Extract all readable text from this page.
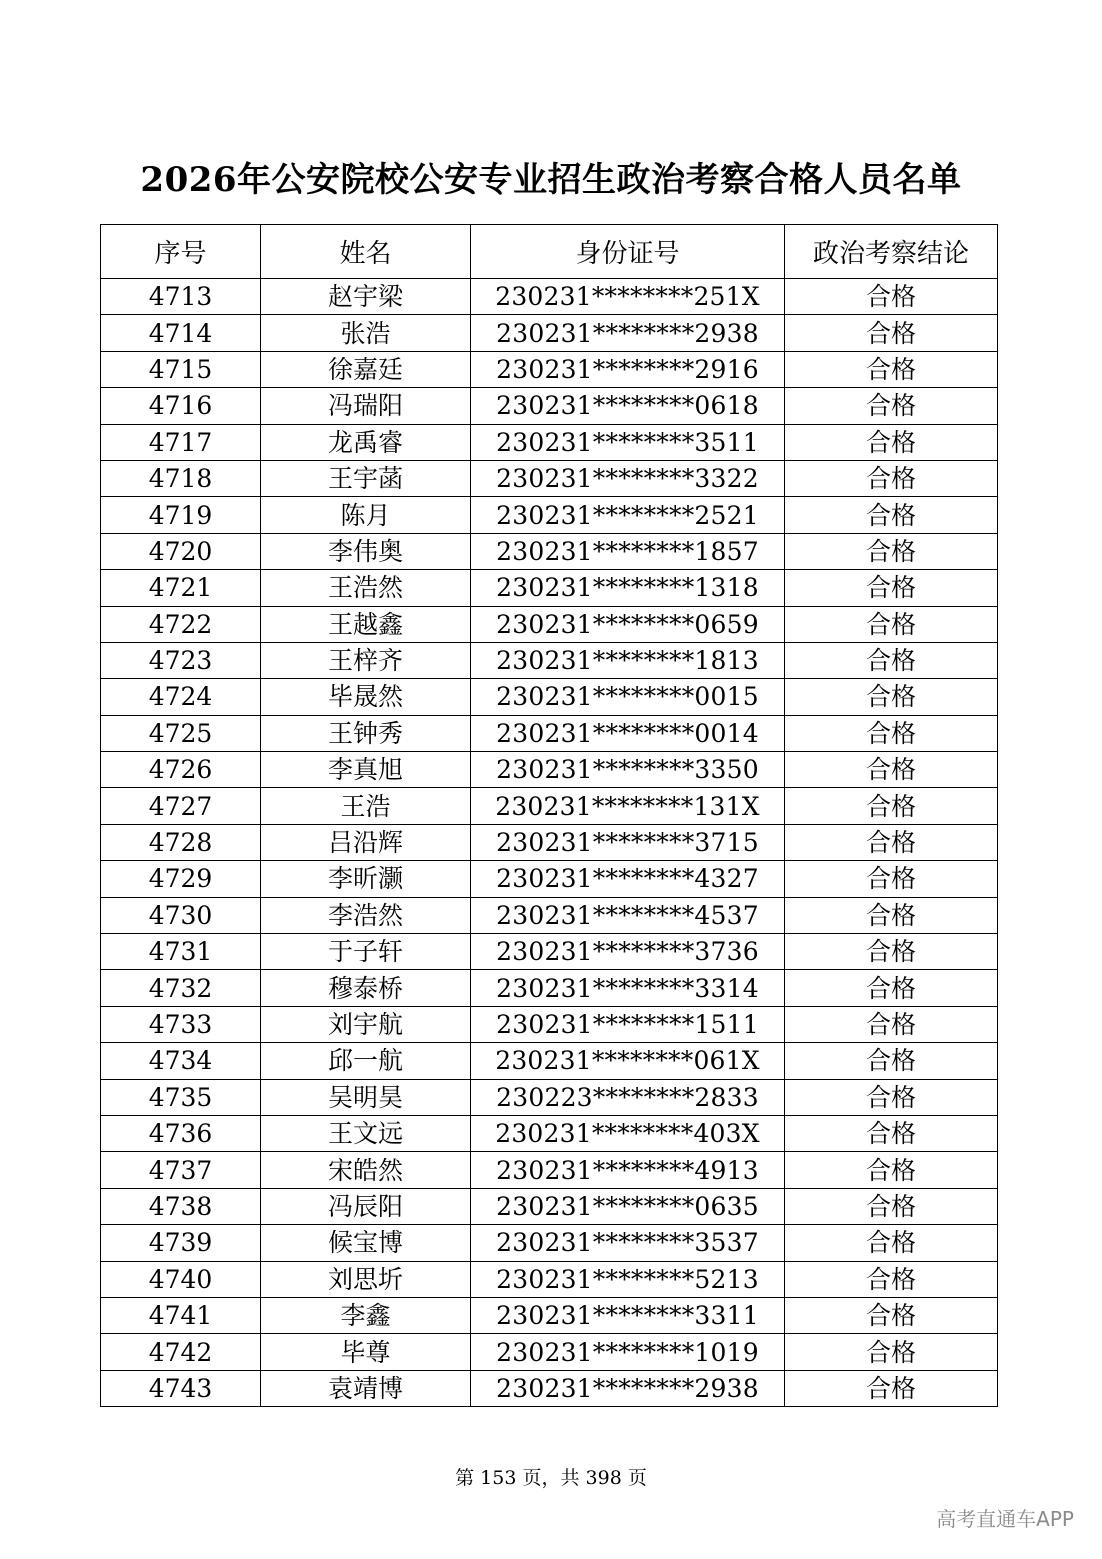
2026年公安院校公安专业招生政治考察合格人员名单
序号	姓名	身份证号	政治考察结论
4713	赵宇梁	230231********251X	合格
4714	张浩	230231********2938	合格
4715	徐嘉廷	230231********2916	合格
4716	冯瑞阳	230231********0618	合格
4717	龙禹睿	230231********3511	合格
4718	王宇菡	230231********3322	合格
4719	陈月	230231********2521	合格
4720	李伟奥	230231********1857	合格
4721	王浩然	230231********1318	合格
4722	王越鑫	230231********0659	合格
4723	王梓齐	230231********1813	合格
4724	毕晟然	230231********0015	合格
4725	王钟秀	230231********0014	合格
4726	李真旭	230231********3350	合格
4727	王浩	230231********131X	合格
4728	吕沿辉	230231********3715	合格
4729	李昕灏	230231********4327	合格
4730	李浩然	230231********4537	合格
4731	于子轩	230231********3736	合格
4732	穆泰桥	230231********3314	合格
4733	刘宇航	230231********1511	合格
4734	邱一航	230231********061X	合格
4735	吴明昊	230223********2833	合格
4736	王文远	230231********403X	合格
4737	宋皓然	230231********4913	合格
4738	冯辰阳	230231********0635	合格
4739	候宝博	230231********3537	合格
4740	刘思圻	230231********5213	合格
4741	李鑫	230231********3311	合格
4742	毕尊	230231********1019	合格
4743	袁靖博	230231********2938	合格
第 153 页，共 398 页
高考直通车APP
